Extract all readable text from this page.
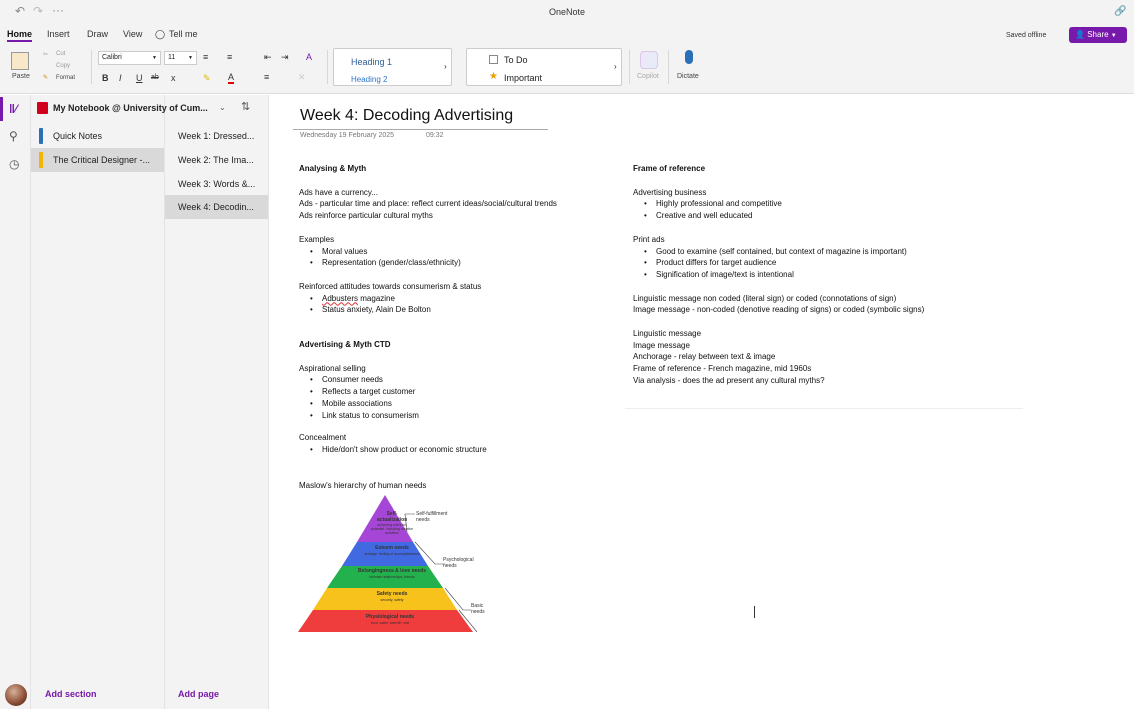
↶ ↷ ···	OneNote	🔗
Home Insert Draw View ◯ Tell me	Saved offline	👤 Share ▼
Paste
✂ Cut
Copy
✎ Format
Calibri	▼	11	▼ ≡ ≡	⇤ ⇥ A
B I U ab x	✎ A	≡	✕
Heading 1
Heading 2
›
To Do
★ Important
›
Copilot	Dictate
‖⁄
⚲
◷
My Notebook @ University of Cum... ⌄ ⇅
Quick Notes
The Critical Designer -...
Week 1: Dressed...
Week 2: The Ima...
Week 3: Words &...
Week 4: Decodin...
Add section	Add page
Week 4: Decoding Advertising
Wednesday 19 February 2025	09:32
Analysing & Myth
Ads have a currency...
Ads - particular time and place: reflect current ideas/social/cultural trends
Ads reinforce particular cultural myths
Examples
• Moral values
• Representation (gender/class/ethnicity)
Reinforced attitudes towards consumerism & status
• Adbusters magazine
• Status anxiety, Alain De Bolton
Advertising & Myth CTD
Aspirational selling
• Consumer needs
• Reflects a target customer
• Mobile associations
• Link status to consumerism
Concealment
• Hide/don't show product or economic structure
Maslow's hierarchy of human needs
Self-actualization
achieving one's full potential, including creative activities
Esteem needs
prestige, feeling of accomplishment
Belongingness & love needs
intimate relationships, friends
Safety needs
security, safety
Physiological needs
food, water, warmth, rest
Self-fulfillment needs
Psychological needs
Basic needs
Frame of reference
Advertising business
• Highly professional and competitive
• Creative and well educated
Print ads
• Good to examine (self contained, but context of magazine is important)
• Product differs for target audience
• Signification of image/text is intentional
Linguistic message non coded (literal sign) or coded (connotations of sign)
Image message - non-coded (denotive reading of signs) or coded (symbolic signs)
Linguistic message
Image message
Anchorage - relay between text & image
Frame of reference - French magazine, mid 1960s
Via analysis - does the ad present any cultural myths?
